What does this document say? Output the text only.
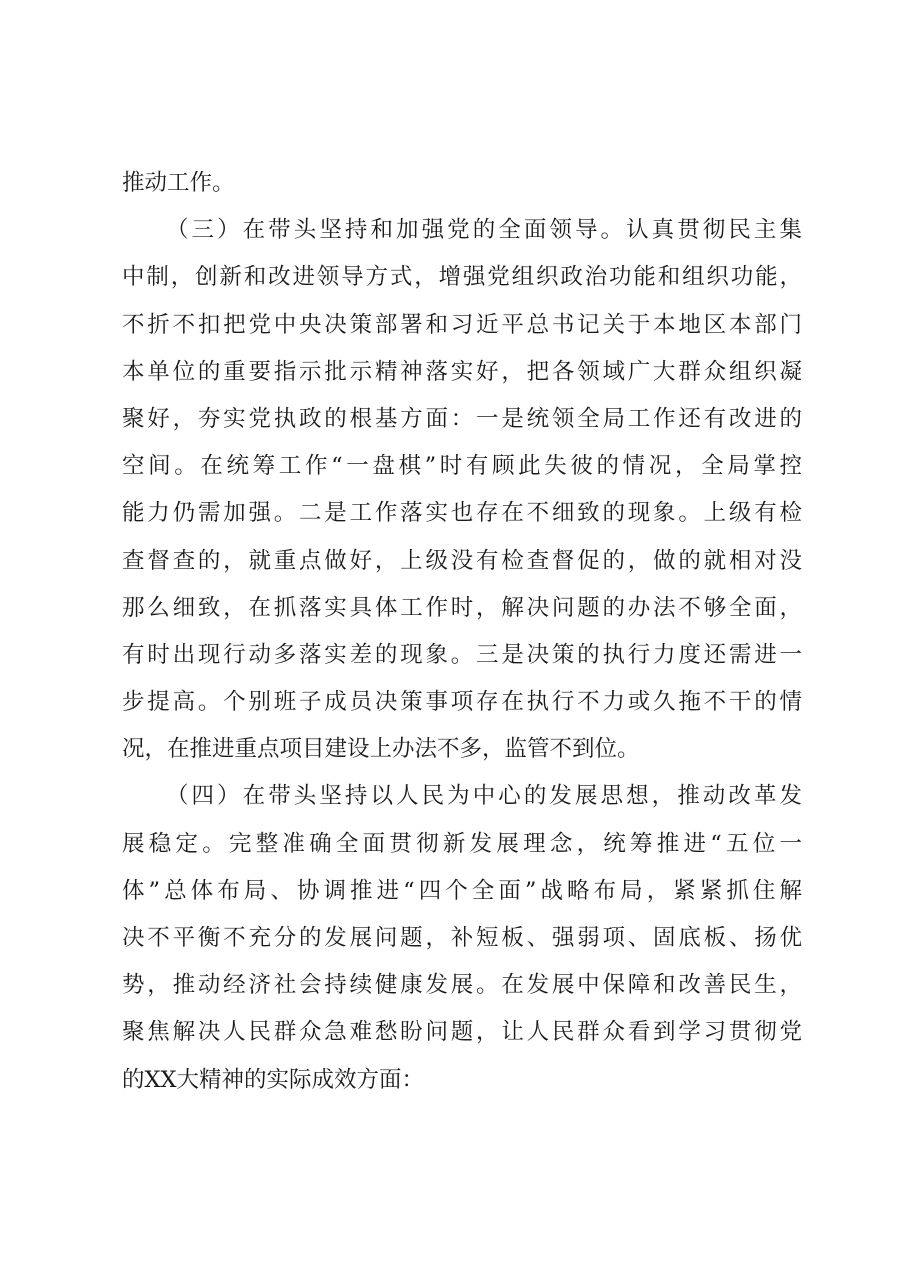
推动工作。
（三）在带头坚持和加强党的全面领导。认真贯彻民主集
中制，创新和改进领导方式，增强党组织政治功能和组织功能，
不折不扣把党中央决策部署和习近平总书记关于本地区本部门
本单位的重要指示批示精神落实好，把各领域广大群众组织凝
聚好，夯实党执政的根基方面：一是统领全局工作还有改进的
空间。在统筹工作“一盘棋”时有顾此失彼的情况，全局掌控
能力仍需加强。二是工作落实也存在不细致的现象。上级有检
查督查的，就重点做好，上级没有检查督促的，做的就相对没
那么细致，在抓落实具体工作时，解决问题的办法不够全面，
有时出现行动多落实差的现象。三是决策的执行力度还需进一
步提高。个别班子成员决策事项存在执行不力或久拖不干的情
况，在推进重点项目建设上办法不多，监管不到位。
（四）在带头坚持以人民为中心的发展思想，推动改革发
展稳定。完整准确全面贯彻新发展理念，统筹推进“五位一
体”总体布局、协调推进“四个全面”战略布局，紧紧抓住解
决不平衡不充分的发展问题，补短板、强弱项、固底板、扬优
势，推动经济社会持续健康发展。在发展中保障和改善民生，
聚焦解决人民群众急难愁盼问题，让人民群众看到学习贯彻党
的XX大精神的实际成效方面：
